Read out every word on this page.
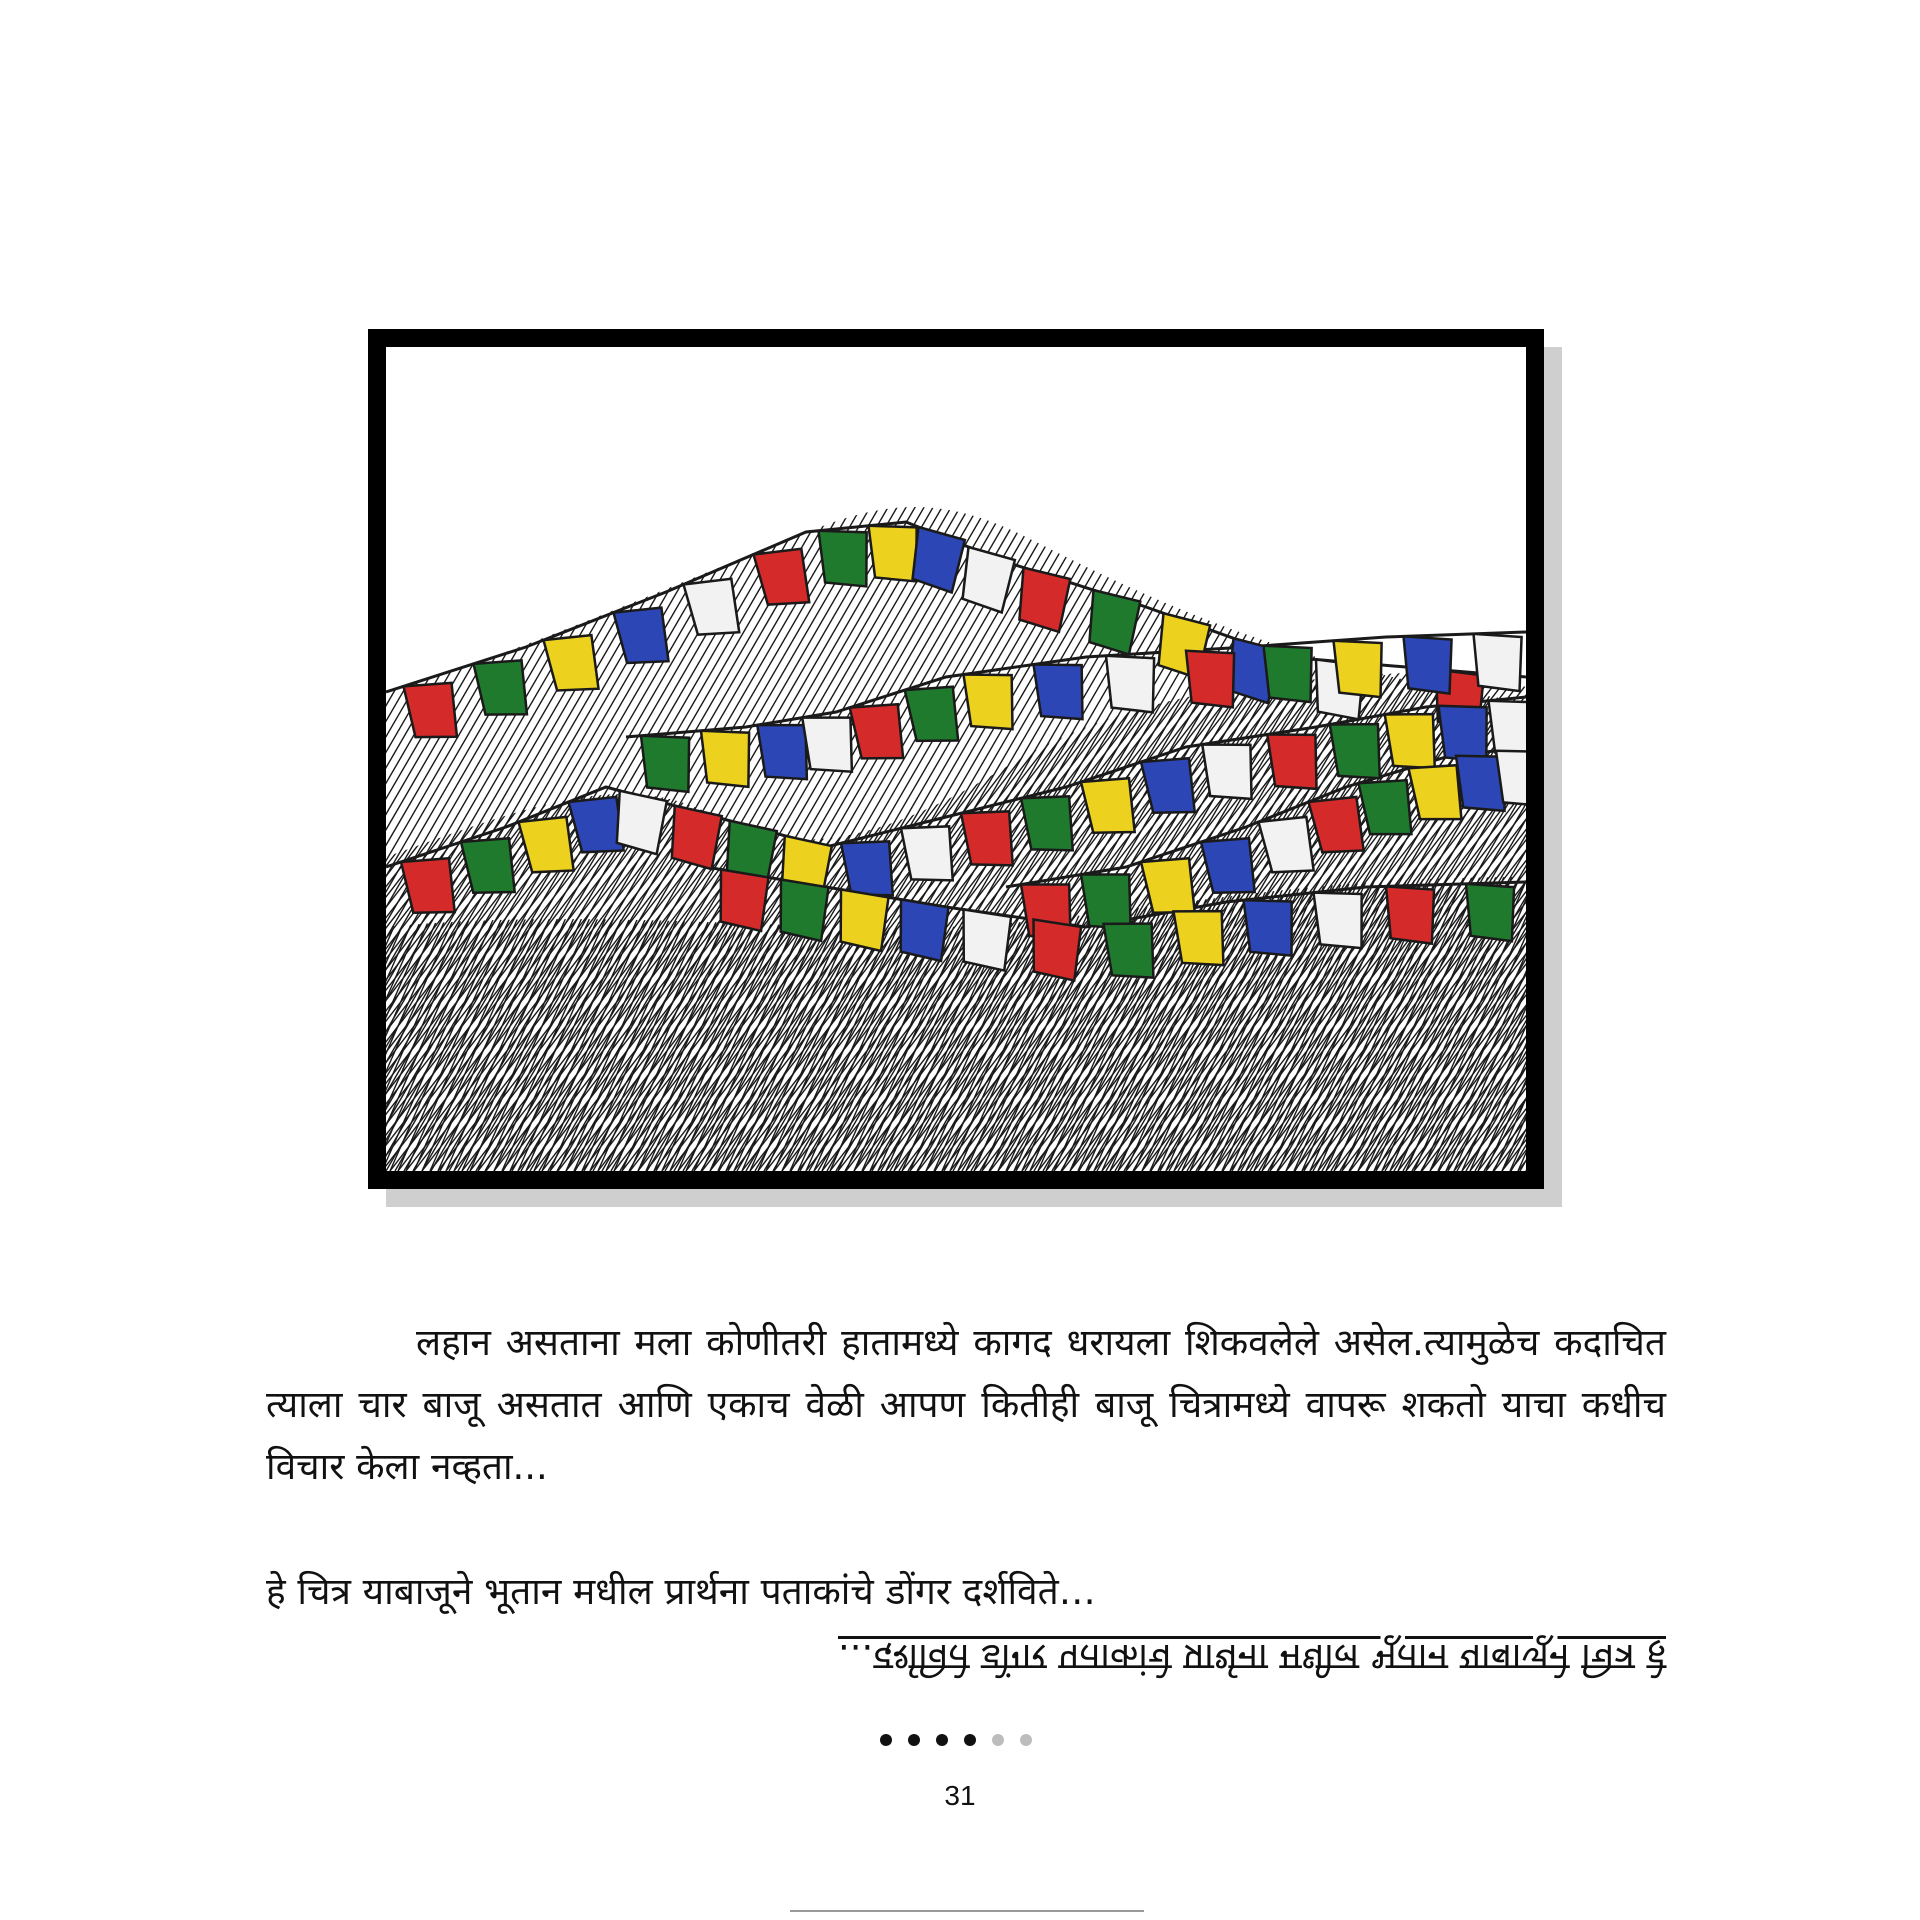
लहान असताना मला कोणीतरी हातामध्ये कागद धरायला शिकवलेले असेल.त्यामुळेच कदाचित त्याला चार बाजू असतात आणि एकाच वेळी आपण कितीही बाजू चित्रामध्ये वापरू शकतो याचा कधीच विचार केला नव्हता...
हे चित्र याबाजूने भूतान मधील प्रार्थना पताकांचे डोंगर दर्शविते…
...दर्शविते डोंगर पताकांचे प्रार्थना मधील भूतान याबाजूने चित्र हे
31
